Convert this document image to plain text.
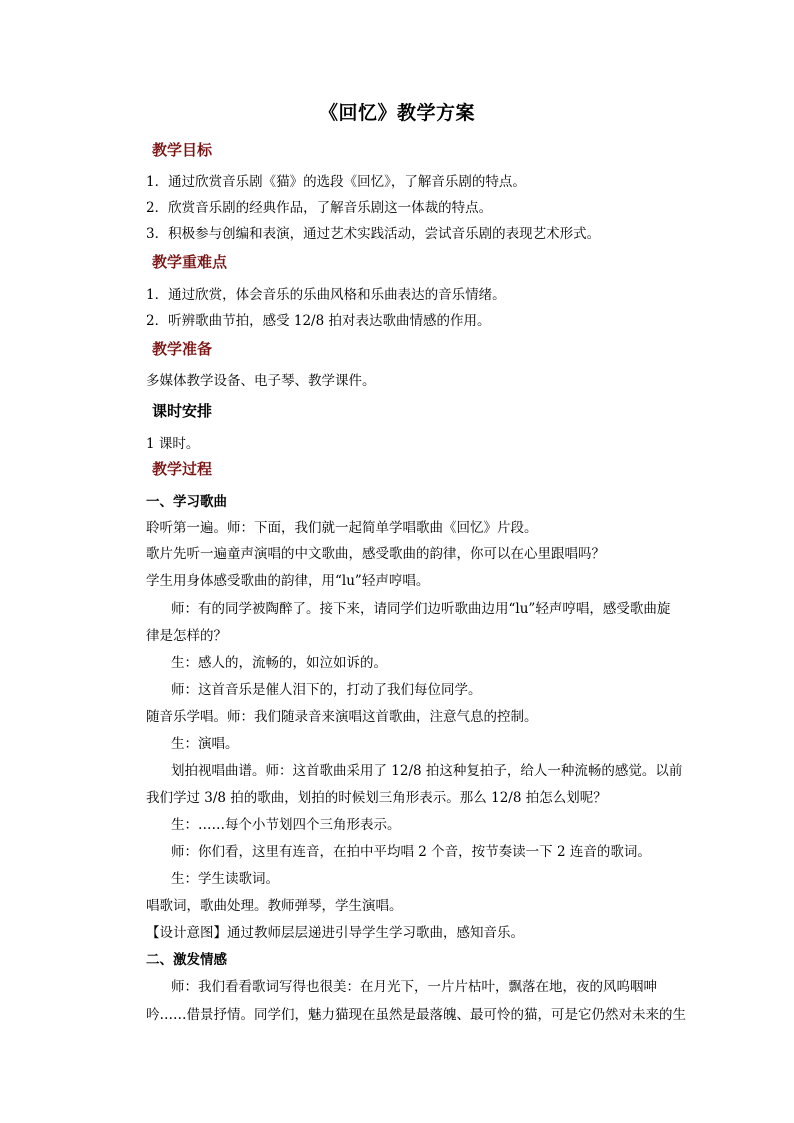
《回忆》教学方案
教学目标
1．通过欣赏音乐剧《猫》的选段《回忆》，了解音乐剧的特点。
2．欣赏音乐剧的经典作品，了解音乐剧这一体裁的特点。
3．积极参与创编和表演，通过艺术实践活动，尝试音乐剧的表现艺术形式。
教学重难点
1．通过欣赏，体会音乐的乐曲风格和乐曲表达的音乐情绪。
2．听辨歌曲节拍，感受 12/8 拍对表达歌曲情感的作用。
教学准备
多媒体教学设备、电子琴、教学课件。
课时安排
1 课时。
教学过程
一、学习歌曲
聆听第一遍。师：下面，我们就一起简单学唱歌曲《回忆》片段。
歌片先听一遍童声演唱的中文歌曲，感受歌曲的韵律，你可以在心里跟唱吗？
学生用身体感受歌曲的韵律，用“lu”轻声哼唱。
师：有的同学被陶醉了。接下来，请同学们边听歌曲边用“lu”轻声哼唱，感受歌曲旋
律是怎样的？
生：感人的，流畅的，如泣如诉的。
师：这首音乐是催人泪下的，打动了我们每位同学。
随音乐学唱。师：我们随录音来演唱这首歌曲，注意气息的控制。
生：演唱。
划拍视唱曲谱。师：这首歌曲采用了 12/8 拍这种复拍子，给人一种流畅的感觉。以前
我们学过 3/8 拍的歌曲，划拍的时候划三角形表示。那么 12/8 拍怎么划呢？
生：……每个小节划四个三角形表示。
师：你们看，这里有连音，在拍中平均唱 2 个音，按节奏读一下 2 连音的歌词。
生：学生读歌词。
唱歌词，歌曲处理。教师弹琴，学生演唱。
【设计意图】通过教师层层递进引导学生学习歌曲，感知音乐。
二、激发情感
师：我们看看歌词写得也很美：在月光下，一片片枯叶，飘落在地，夜的风呜咽呻
吟……借景抒情。同学们，魅力猫现在虽然是最落魄、最可怜的猫，可是它仍然对未来的生
